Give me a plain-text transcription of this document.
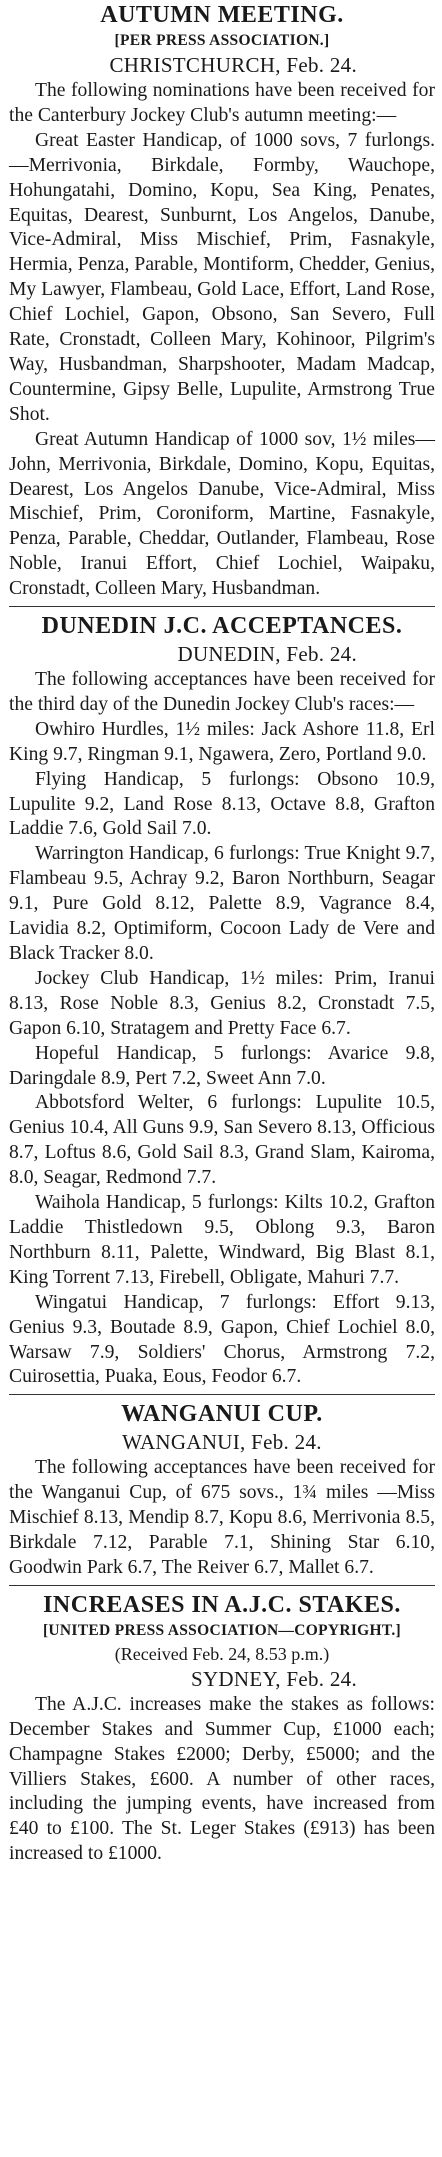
AUTUMN MEETING.
[PER PRESS ASSOCIATION.]
CHRISTCHURCH, Feb. 24.

The following nominations have been received for the Canterbury Jockey Club's autumn meeting:—

Great Easter Handicap, of 1000 sovs, 7 furlongs.—Merrivonia, Birkdale, Formby, Wauchope, Hohungatahi, Domino, Kopu, Sea King, Penates, Equitas, Dearest, Sunburnt, Los Angelos, Danube, Vice-Admiral, Miss Mischief, Prim, Fasnakyle, Hermia, Penza, Parable, Montiform, Chedder, Genius, My Lawyer, Flambeau, Gold Lace, Effort, Land Rose, Chief Lochiel, Gapon, Obsono, San Severo, Full Rate, Cronstadt, Colleen Mary, Kohinoor, Pilgrim's Way, Husbandman, Sharpshooter, Madam Madcap, Countermine, Gipsy Belle, Lupulite, Armstrong True Shot.

Great Autumn Handicap of 1000 sov, 1½ miles—John, Merrivonia, Birkdale, Domino, Kopu, Equitas, Dearest, Los Angelos Danube, Vice-Admiral, Miss Mischief, Prim, Coroniform, Martine, Fasnakyle, Penza, Parable, Cheddar, Outlander, Flambeau, Rose Noble, Iranui Effort, Chief Lochiel, Waipaku, Cronstadt, Colleen Mary, Husbandman.

DUNEDIN J.C. ACCEPTANCES.
DUNEDIN, Feb. 24.

The following acceptances have been received for the third day of the Dunedin Jockey Club's races:—

Owhiro Hurdles, 1½ miles: Jack Ashore 11.8, Erl King 9.7, Ringman 9.1, Ngawera, Zero, Portland 9.0.

Flying Handicap, 5 furlongs: Obsono 10.9, Lupulite 9.2, Land Rose 8.13, Octave 8.8, Grafton Laddie 7.6, Gold Sail 7.0.

Warrington Handicap, 6 furlongs: True Knight 9.7, Flambeau 9.5, Achray 9.2, Baron Northburn, Seagar 9.1, Pure Gold 8.12, Palette 8.9, Vagrance 8.4, Lavidia 8.2, Optimiform, Cocoon Lady de Vere and Black Tracker 8.0.

Jockey Club Handicap, 1½ miles: Prim, Iranui 8.13, Rose Noble 8.3, Genius 8.2, Cronstadt 7.5, Gapon 6.10, Stratagem and Pretty Face 6.7.

Hopeful Handicap, 5 furlongs: Avarice 9.8, Daringdale 8.9, Pert 7.2, Sweet Ann 7.0.

Abbotsford Welter, 6 furlongs: Lupulite 10.5, Genius 10.4, All Guns 9.9, San Severo 8.13, Officious 8.7, Loftus 8.6, Gold Sail 8.3, Grand Slam, Kairoma, 8.0, Seagar, Redmond 7.7.

Waihola Handicap, 5 furlongs: Kilts 10.2, Grafton Laddie Thistledown 9.5, Oblong 9.3, Baron Northburn 8.11, Palette, Windward, Big Blast 8.1, King Torrent 7.13, Firebell, Obligate, Mahuri 7.7.

Wingatui Handicap, 7 furlongs: Effort 9.13, Genius 9.3, Boutade 8.9, Gapon, Chief Lochiel 8.0, Warsaw 7.9, Soldiers' Chorus, Armstrong 7.2, Cuirosettia, Puaka, Eous, Feodor 6.7.

WANGANUI CUP.
WANGANUI, Feb. 24.

The following acceptances have been received for the Wanganui Cup, of 675 sovs., 1¾ miles —Miss Mischief 8.13, Mendip 8.7, Kopu 8.6, Merrivonia 8.5, Birkdale 7.12, Parable 7.1, Shining Star 6.10, Goodwin Park 6.7, The Reiver 6.7, Mallet 6.7.

INCREASES IN A.J.C. STAKES.
[UNITED PRESS ASSOCIATION—COPYRIGHT.]
(Received Feb. 24, 8.53 p.m.)
SYDNEY, Feb. 24.

The A.J.C. increases make the stakes as follows: December Stakes and Summer Cup, £1000 each; Champagne Stakes £2000; Derby, £5000; and the Villiers Stakes, £600. A number of other races, including the jumping events, have increased from £40 to £100. The St. Leger Stakes (£913) has been increased to £1000.
